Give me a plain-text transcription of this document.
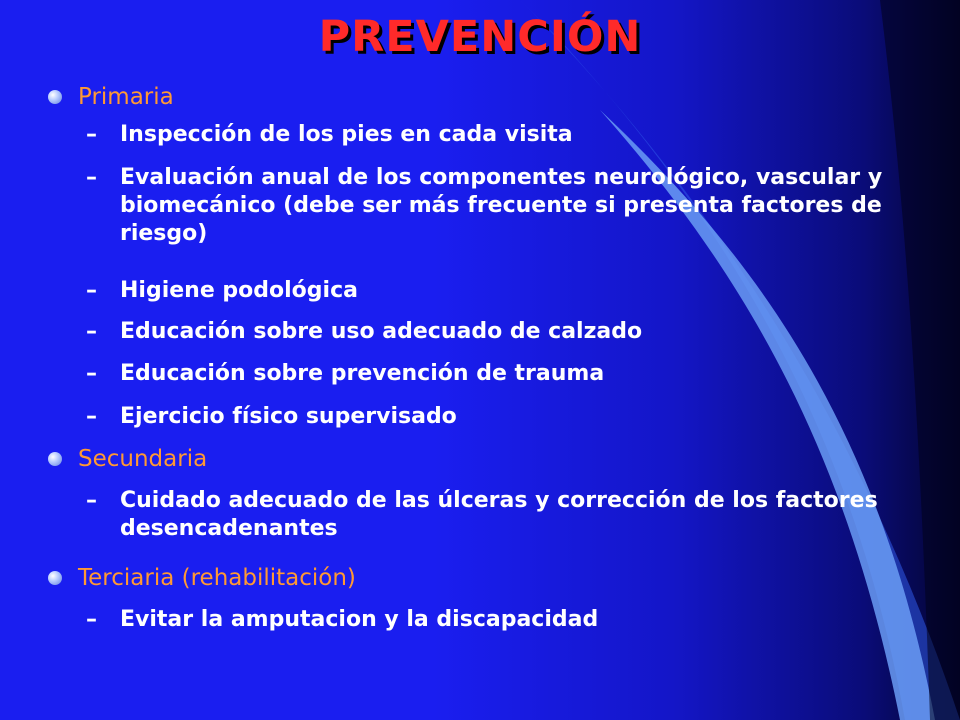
PREVENCIÓN
Primaria
– Inspección de los pies en cada visita
– Evaluación anual de los componentes neurológico, vascular y biomecánico (debe ser más frecuente si presenta factores de riesgo)
– Higiene podológica
– Educación sobre uso adecuado de calzado
– Educación sobre prevención de trauma
– Ejercicio físico supervisado
Secundaria
– Cuidado adecuado de las úlceras y corrección de los factores desencadenantes
Terciaria (rehabilitación)
– Evitar la amputacion y la discapacidad
